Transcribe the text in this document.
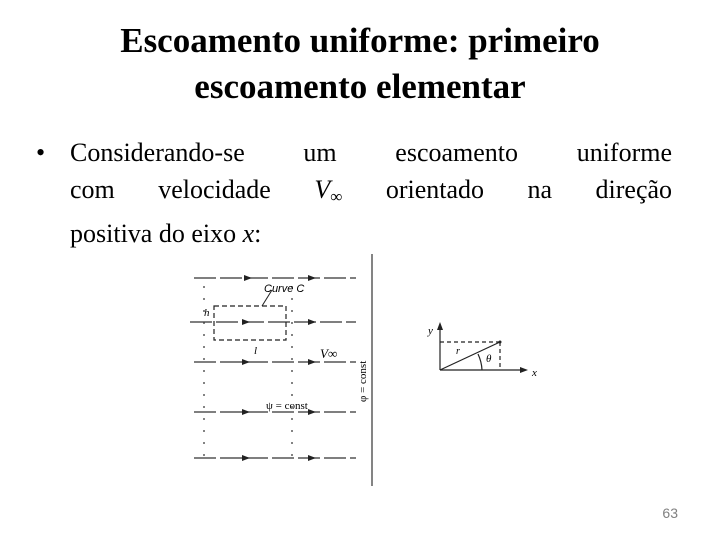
Escoamento uniforme: primeiro
escoamento elementar
• Considerando-se um escoamento uniforme
com velocidade V∞ orientado na direção
positiva do eixo x:
Curve C
h
l	V∞
ψ = const
φ = const
y
x
r
θ
63
